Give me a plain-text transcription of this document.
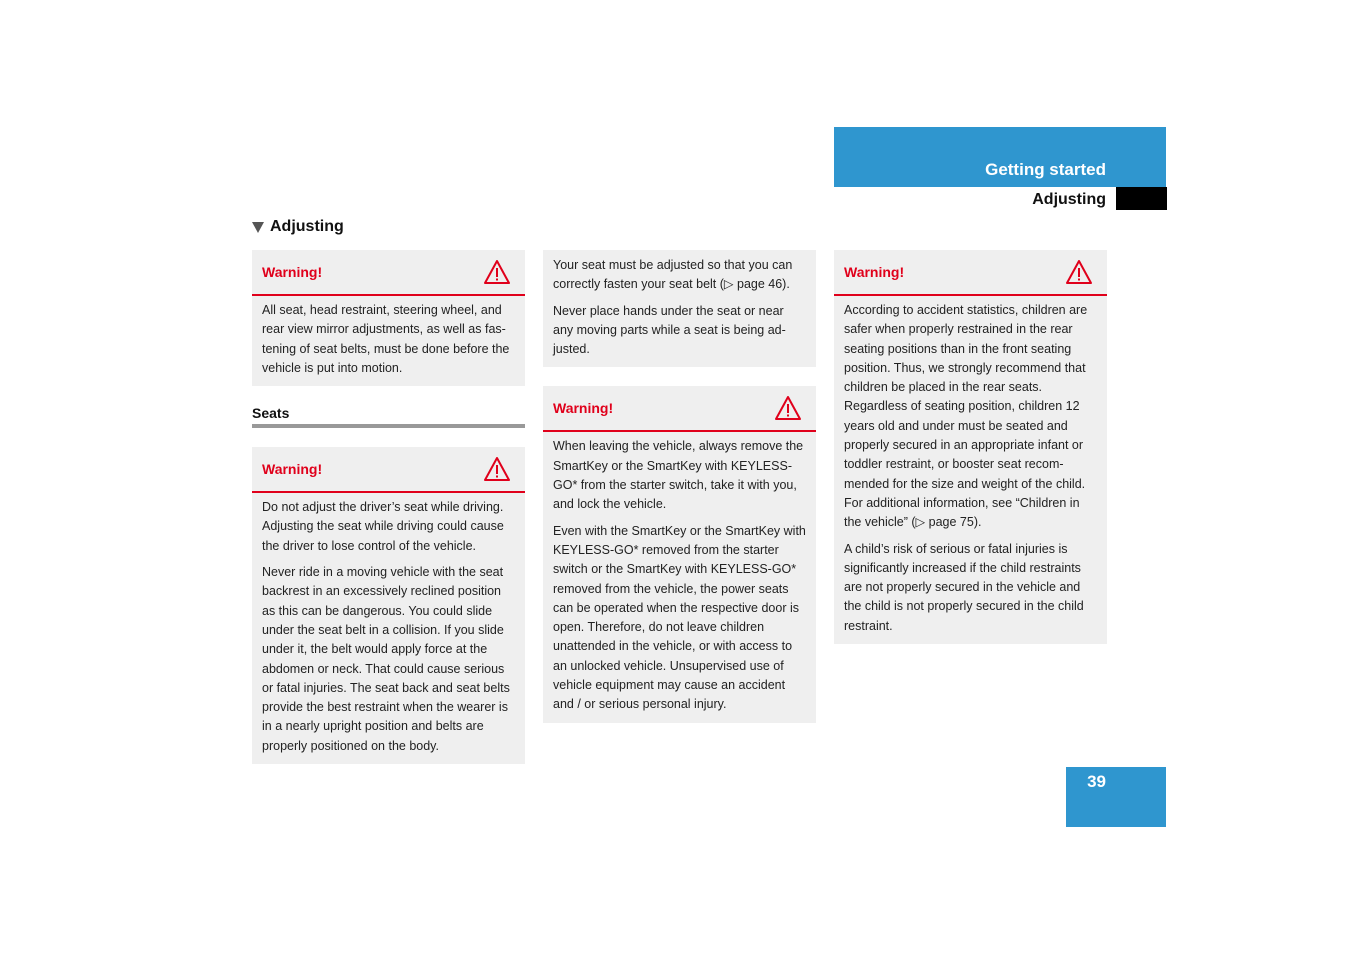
Getting started
Adjusting
Adjusting
Warning!

All seat, head restraint, steering wheel, and rear view mirror adjustments, as well as fastening of seat belts, must be done before the vehicle is put into motion.

Seats
Warning!

Do not adjust the driver’s seat while driving. Adjusting the seat while driving could cause the driver to lose control of the vehicle.

Never ride in a moving vehicle with the seat backrest in an excessively reclined position as this can be dangerous. You could slide under the seat belt in a collision. If you slide under it, the belt would apply force at the abdomen or neck. That could cause serious or fatal injuries. The seat back and seat belts provide the best restraint when the wearer is in a nearly upright position and belts are properly positioned on the body.

Your seat must be adjusted so that you can correctly fasten your seat belt (▷ page 46).

Never place hands under the seat or near any moving parts while a seat is being adjusted.

Warning!

When leaving the vehicle, always remove the SmartKey or the SmartKey with KEYLESS-GO* from the starter switch, take it with you, and lock the vehicle.

Even with the SmartKey or the SmartKey with KEYLESS-GO* removed from the starter switch or the SmartKey with KEYLESS-GO* removed from the vehicle, the power seats can be operated when the respective door is open. Therefore, do not leave children unattended in the vehicle, or with access to an unlocked vehicle. Unsupervised use of vehicle equipment may cause an accident and / or serious personal injury.

Warning!

According to accident statistics, children are safer when properly restrained in the rear seating positions than in the front seating position. Thus, we strongly recommend that children be placed in the rear seats. Regardless of seating position, children 12 years old and under must be seated and properly secured in an appropriate infant or toddler restraint, or booster seat recommended for the size and weight of the child. For additional information, see “Children in the vehicle” (▷ page 75).

A child’s risk of serious or fatal injuries is significantly increased if the child restraints are not properly secured in the vehicle and the child is not properly secured in the child restraint.

39
